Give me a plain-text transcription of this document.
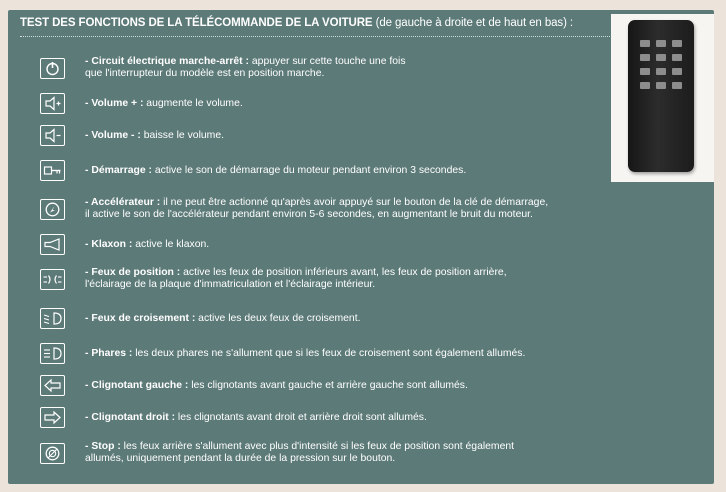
TEST DES FONCTIONS DE LA TÉLÉCOMMANDE DE LA VOITURE (de gauche à droite et de haut en bas) :
- Circuit électrique marche-arrêt : appuyer sur cette touche une fois
que l'interrupteur du modèle est en position marche.
- Volume + : augmente le volume.
- Volume - : baisse le volume.
- Démarrage : active le son de démarrage du moteur pendant environ 3 secondes.
- Accélérateur : il ne peut être actionné qu'après avoir appuyé sur le bouton de la clé de démarrage,
il active le son de l'accélérateur pendant environ 5-6 secondes, en augmentant le bruit du moteur.
- Klaxon : active le klaxon.
- Feux de position : active les feux de position inférieurs avant, les feux de position arrière,
l'éclairage de la plaque d'immatriculation et l'éclairage intérieur.
- Feux de croisement : active les deux feux de croisement.
- Phares : les deux phares ne s'allument que si les feux de croisement sont également allumés.
- Clignotant gauche : les clignotants avant gauche et arrière gauche sont allumés.
- Clignotant droit : les clignotants avant droit et arrière droit sont allumés.
- Stop : les feux arrière s'allument avec plus d'intensité si les feux de position sont également
allumés, uniquement pendant la durée de la pression sur le bouton.
